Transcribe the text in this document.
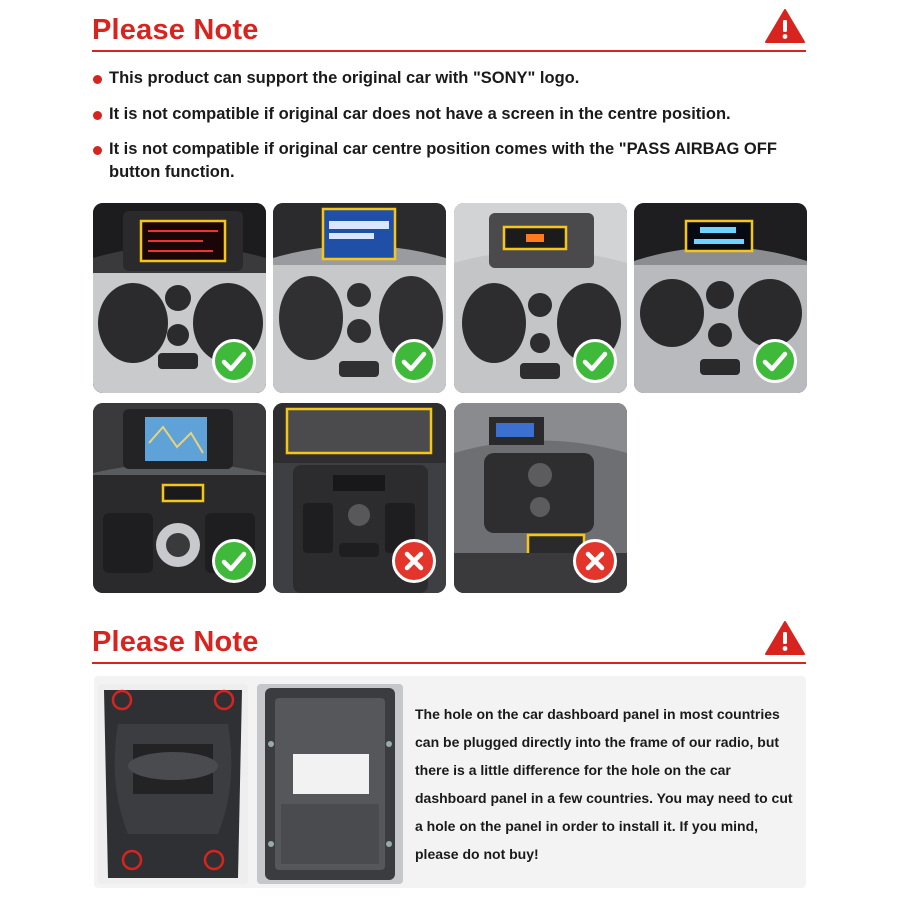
Please Note
This product can support the original car with "SONY" logo.
It is not compatible if original car does not have a screen in the centre position.
It is not compatible if original car centre position comes with the "PASS AIRBAG OFF button function.
Please Note
The hole on the car dashboard panel in most countries can be plugged directly into the frame of our radio, but there is a little difference for the hole on the car dashboard panel in a few countries. You may need to cut a hole on the panel in order to install it. If you mind, please do not buy!
